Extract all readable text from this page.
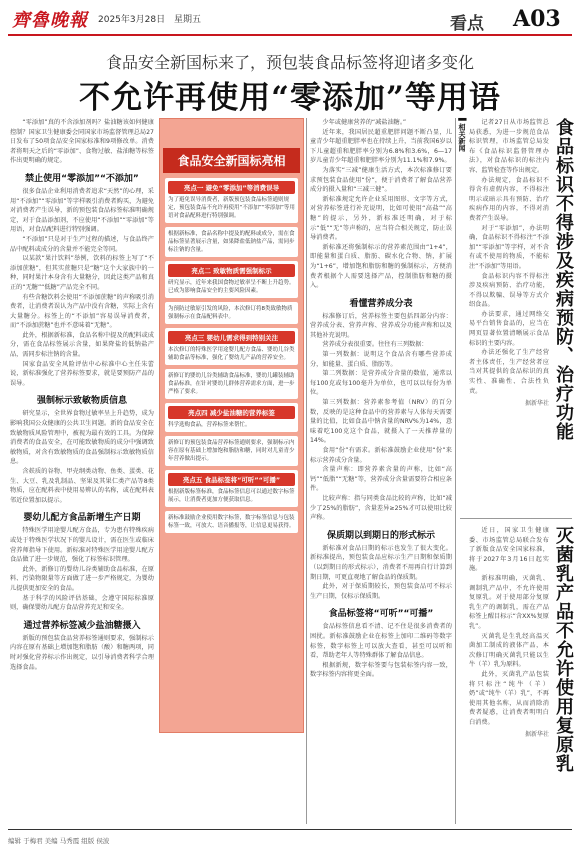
齊魯晚報	2025年3月28日 星期五	看点 A03
食品安全新国标来了，预包装食品标签将迎诸多变化
不允许再使用“零添加”等用语

“零添加”真的不含添加剂吗？盐油糖该如何健康控制？国家卫生健康委会同国家市场监督管理总局27日发布了50项食品安全国家标准和9项修改单。消费者将明天之后的“零添加”、食物过敏、盐油糖等标签作出更明确的规定。

禁止使用“零添加”“不添加”

很多食品企业利用消费者追求“天然”的心理，采用“不添加”“零添加”等字样吸引消费者购买，为避免对消费者产生误导，新的预包装食品标签标准明确规定，对于食品添加剂，不应使用“不添加”“零添加”等用语，对食品配料进行特别强调。

“不添加”只是对于生产过程的描述，与食品终产品中配料或成分的含量并不能完全等同。

以某款“果汁饮料”举例，饮料的标签上写了“不添加蔗糖”，但其实蔗糖只是“糖”这个大家族中的一种，同时果汁本身含有大量糖分，因此这类产品和真正的“无糖”“低糖”产品完全不同。

有些含糖饮料会使用“不添加蔗糖”的声称吸引消费者，让消费者误认为产品中没有含糖，实际上含有大量糖分。标签上的“不添加”容易误导消费者，而“不添加蔗糖”也并不意味着“无糖”。

此外，根据新标准，食品名称中提及的配料或成分，需在食品标签展示含量，如果降盐的低钠盐产品，需同步标注钠的含量。

国家食品安全风险评估中心标准中心主任朱蕾说，新标准强化了营养标签要求，就是要预防产品的误导。

强制标示致敏物质信息

研究显示，全世界食物过敏率呈上升趋势，成为影响我国公众健康的公共卫生问题。新的食品安全在致敏物质风险管理中，被视为最有效的工具。为保障消费者的食品安全，在可能致敏物质的成分中强调致敏物质，对含有致敏物质的食品强制标示致敏物质信息。

含麸质的谷物、甲壳纲类动物、鱼类、蛋类、花生、大豆、乳及乳制品、坚果及其果仁类产品等8类物质，应在配料表中使用易辨认的名称，或在配料表邻近位置加以提示。

婴幼儿配方食品新增生产日期

特殊医学用途婴儿配方食品，专为患有特殊疾病或处于特殊医学状况下的婴儿设计，需在医生或临床营养师指导下使用。新标准对特殊医学用途婴儿配方食品做了进一步规范，强化了标签标识管理。

此外，新修订的婴幼儿谷类辅助食品标准，在原料、污染物限量等方面做了进一步严格规定，为婴幼儿提供更加安全的食品。

基于科学的风险评估基础，会遵守国际标准原则，确保婴幼儿配方食品营养充足和安全。

通过营养标签减少盐油糖摄入

新版的预包装食品营养标签通则要求，强制标示内容在原有基础上增加饱和脂肪（酸）和糖两项，同时对强化营养标示作出规定，以引导消费者科学合理选择食品。

食品安全新国标亮相
亮点一 避免“零添加”等消费误导
为了避免误导消费者，新版预包装食品标签通则规定，预包装食品不允许再使用“不添加”“零添加”等用语对食品配料进行特别强调。
根据新标准，食品名称中提及的配料或成分，需在食品标签显著展示含量，如果降盐低钠盐产品，需同步标注钠的含量。
亮点二 致敏物质需强制标示
研究显示，近年来我国食物过敏率呈不断上升趋势。已成为影响食品安全的主要风险因素。
为预防过敏原引发的风险，本次修订将8类致敏物质强制标示在食品配料表中。
亮点三 婴幼儿需求得到特别关注
本次修订的特殊医学用途婴儿配方食品、婴幼儿谷类辅助食品等标准，强化了婴幼儿产品的营养安全。
新修订的婴幼儿谷类辅助食品标准，婴幼儿罐装辅助食品标准，在针对婴幼儿群体营养需求方面，进一步严格了要求。
亮点四 减少盐油糖的营养标签
科学选购食品，营养标签来帮忙。
新修订的预包装食品营养标签通则要求，强制标示内容在原有基础上增加饱和脂肪和糖，同时对儿童青少年营养做出提示。
亮点五 食品标签将“可听”“可播”
根据新版标签标准，食品标签信息可以通过数字标签展示，让消费者更加方便获取信息。
新标准鼓励企业使用数字标签，数字标签信息与包装标签一致，可放大、语音播报等，让信息更易获得。

少年或健康营养的“减盐油糖。”

近年来，我国居民超重肥胖问题不断凸显，儿童青少年超重肥胖率也在持续上升，当前我国6岁以下儿童超重和肥胖率分别为6.8%和3.6%，6—17岁儿童青少年超重和肥胖率分别为11.1%和7.9%。

为落实“三减”健康生活方式，本次标准修订要求预包装食品使用“份”，便于消费者了解食品营养成分的摄入量和“三减三健”。

新标准规定允许企业采用图形、文字等方式，对营养标签进行补充说明，比如可使用“高盐”“高糖”的提示，另外，新标准还明确，对于标示“低”“无”等声称的，应当符合相关规定，防止误导消费者。

新标准还将强制标示的营养素范围由“1+4”，即能量和蛋白质、脂肪、碳水化合物、钠，扩展为“1+6”，增加饱和脂肪和糖的强制标示，方便消费者根据个人需要选择产品，控制脂肪和糖的摄入。

看懂营养成分表

标准修订后，营养标签主要包括四部分内容：营养成分表、营养声称、营养成分功能声称和以及其他补充说明。

营养成分表很重要。往往有三列数据：

第一列数据：说明这个食品含有哪些营养成分，如能量、蛋白质、脂肪等。

第二列数据：是营养成分含量的数值，通常以每100克或每100毫升为单位，也可以以每份为单位。

第三列数据：营养素参考值（NRV）的百分数，反映的是这种食品中的营养素与人体每天需要量的比值，比如食品中钠含量的NRV%为14%，意味着吃100克这个食品，就摄入了一天推荐量的14%。

食用“份”有需求。新标准鼓励企业使用“份”来标示营养成分含量。

含量声称：即营养素含量的声称，比如“高钙”“低脂”“无糖”等，营养成分含量需要符合相应条件。

比较声称：指与同类食品比较的声称，比如“减少了25%的脂肪”，含量差异≥25%才可以使用比较声称。

保质期以到期日的形式标示

新标准对食品日期的标示也发生了很大变化。新标准提出，预包装食品应标示生产日期和保质期（以到期日的形式标示），消费者不用再自行计算到期日期，可更直观地了解食品的保质期。

此外，对于保质期较长，预包装食品可不标示生产日期，仅标示保质期。

食品标签将“可听”“可播”

食品标签信息看不清、记不住是很多消费者的困扰。新标准鼓励企业在标签上加印二维码等数字标签，数字标签上可以放大查看，甚至可以听和看，帮助老年人等特殊群体了解食品信息。

根据新规，数字标签要与包装标签内容一致，数字标签内容将更全面。

▌相关新闻	记者27日从市场监管总局获悉，为进一步规范食品标识管理，市场监管总局发布《食品标识监督管理办法》，对食品标识的标注内容、监管检查等作出规定。

办法规定，食品标识不得含有虚假内容，不得标注明示或暗示具有预防、治疗疾病作用的内容，不得对消费者产生误导。

对于“零添加”，办法明确，食品标识不得标注“不添加”“零添加”等字样，对不含有或不使用的物质，不能标注“不添加”等用语。

食品标识内容不得标注涉及疾病预防、治疗功能，不得以欺骗、误导等方式介绍食品。

办法要求，通过网络交易平台销售食品的，应当在网页显著位置清晰展示食品标识的主要内容。

办法还强化了生产经营者主体责任，生产经营者应当对其提供的食品标识的真实性、准确性、合法性负责。

据新华社 食品标识不得涉及疾病预防、治疗功能

近日，国家卫生健康委、市场监管总局联合发布了新版食品安全国家标准，将于2027年3月16日起实施。

新标准明确，灭菌乳、调制乳产品中，不允许使用复原乳。对于使用部分复原乳生产的调制乳，需在产品标签上醒目标示“含XX%复原乳”。

灭菌乳是生乳经高温灭菌加工制成的液体产品，本次修订明确灭菌乳只能以生牛（羊）乳为原料。

此外，灭菌乳产品包装将只标注“纯牛（羊）奶”或“纯牛（羊）乳”，不再使用其他名称，从而消除消费者疑惑，让消费者明明白白消费。

据新华社 灭菌乳产品不允许使用复原乳
编辑 于梅君 美编 马秀霞 组版 侯波
